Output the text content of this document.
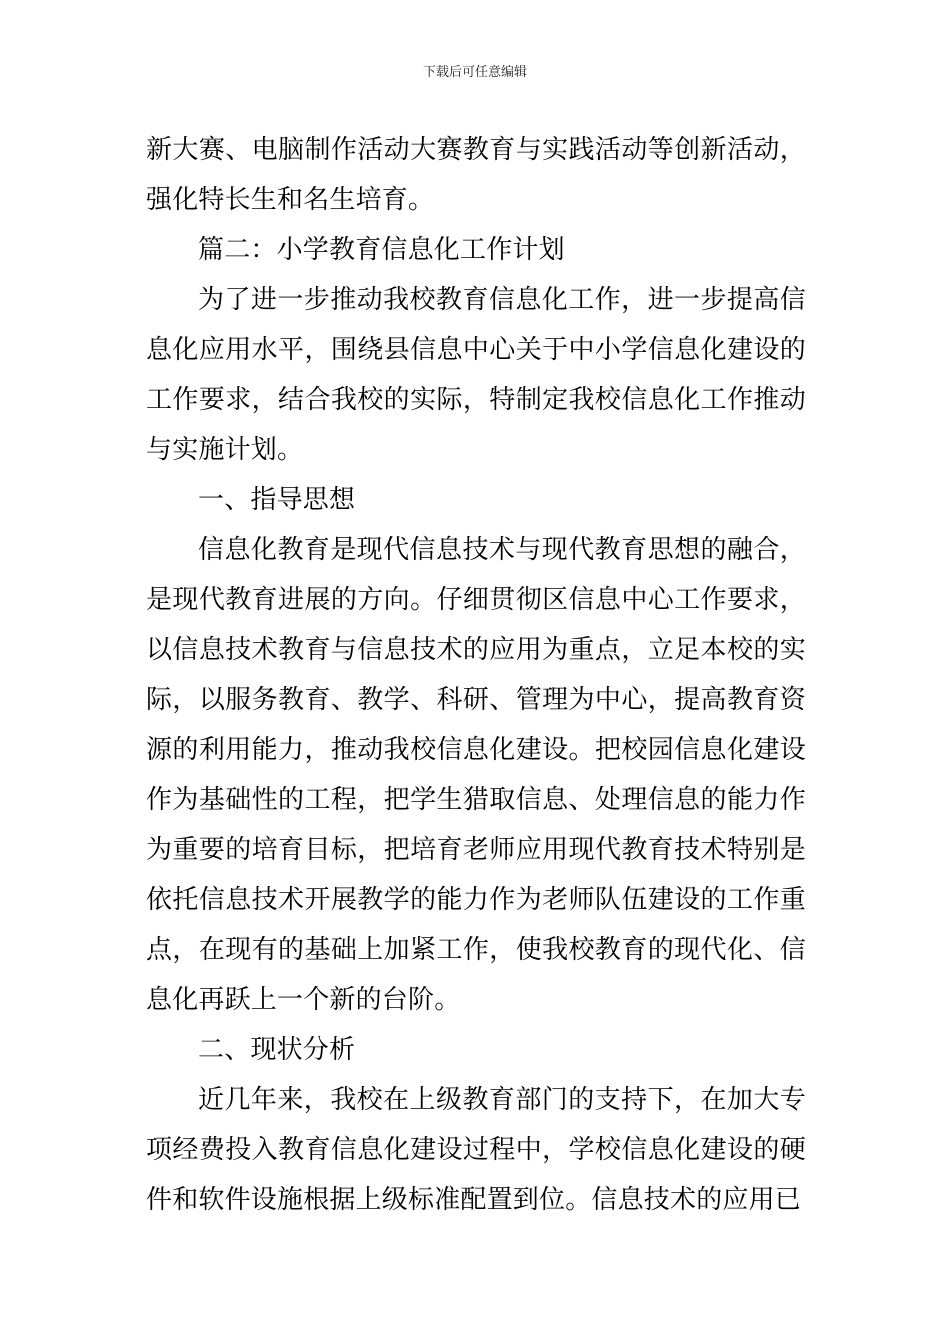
下载后可任意编辑

新大赛、电脑制作活动大赛教育与实践活动等创新活动，强化特长生和名生培育。

篇二：小学教育信息化工作计划

为了进一步推动我校教育信息化工作，进一步提高信息化应用水平，围绕县信息中心关于中小学信息化建设的工作要求，结合我校的实际，特制定我校信息化工作推动与实施计划。

一、指导思想

信息化教育是现代信息技术与现代教育思想的融合，是现代教育进展的方向。仔细贯彻区信息中心工作要求，以信息技术教育与信息技术的应用为重点，立足本校的实际，以服务教育、教学、科研、管理为中心，提高教育资源的利用能力，推动我校信息化建设。把校园信息化建设作为基础性的工程，把学生猎取信息、处理信息的能力作为重要的培育目标，把培育老师应用现代教育技术特别是依托信息技术开展教学的能力作为老师队伍建设的工作重点，在现有的基础上加紧工作，使我校教育的现代化、信息化再跃上一个新的台阶。

二、现状分析

近几年来，我校在上级教育部门的支持下，在加大专项经费投入教育信息化建设过程中，学校信息化建设的硬件和软件设施根据上级标准配置到位。信息技术的应用已
